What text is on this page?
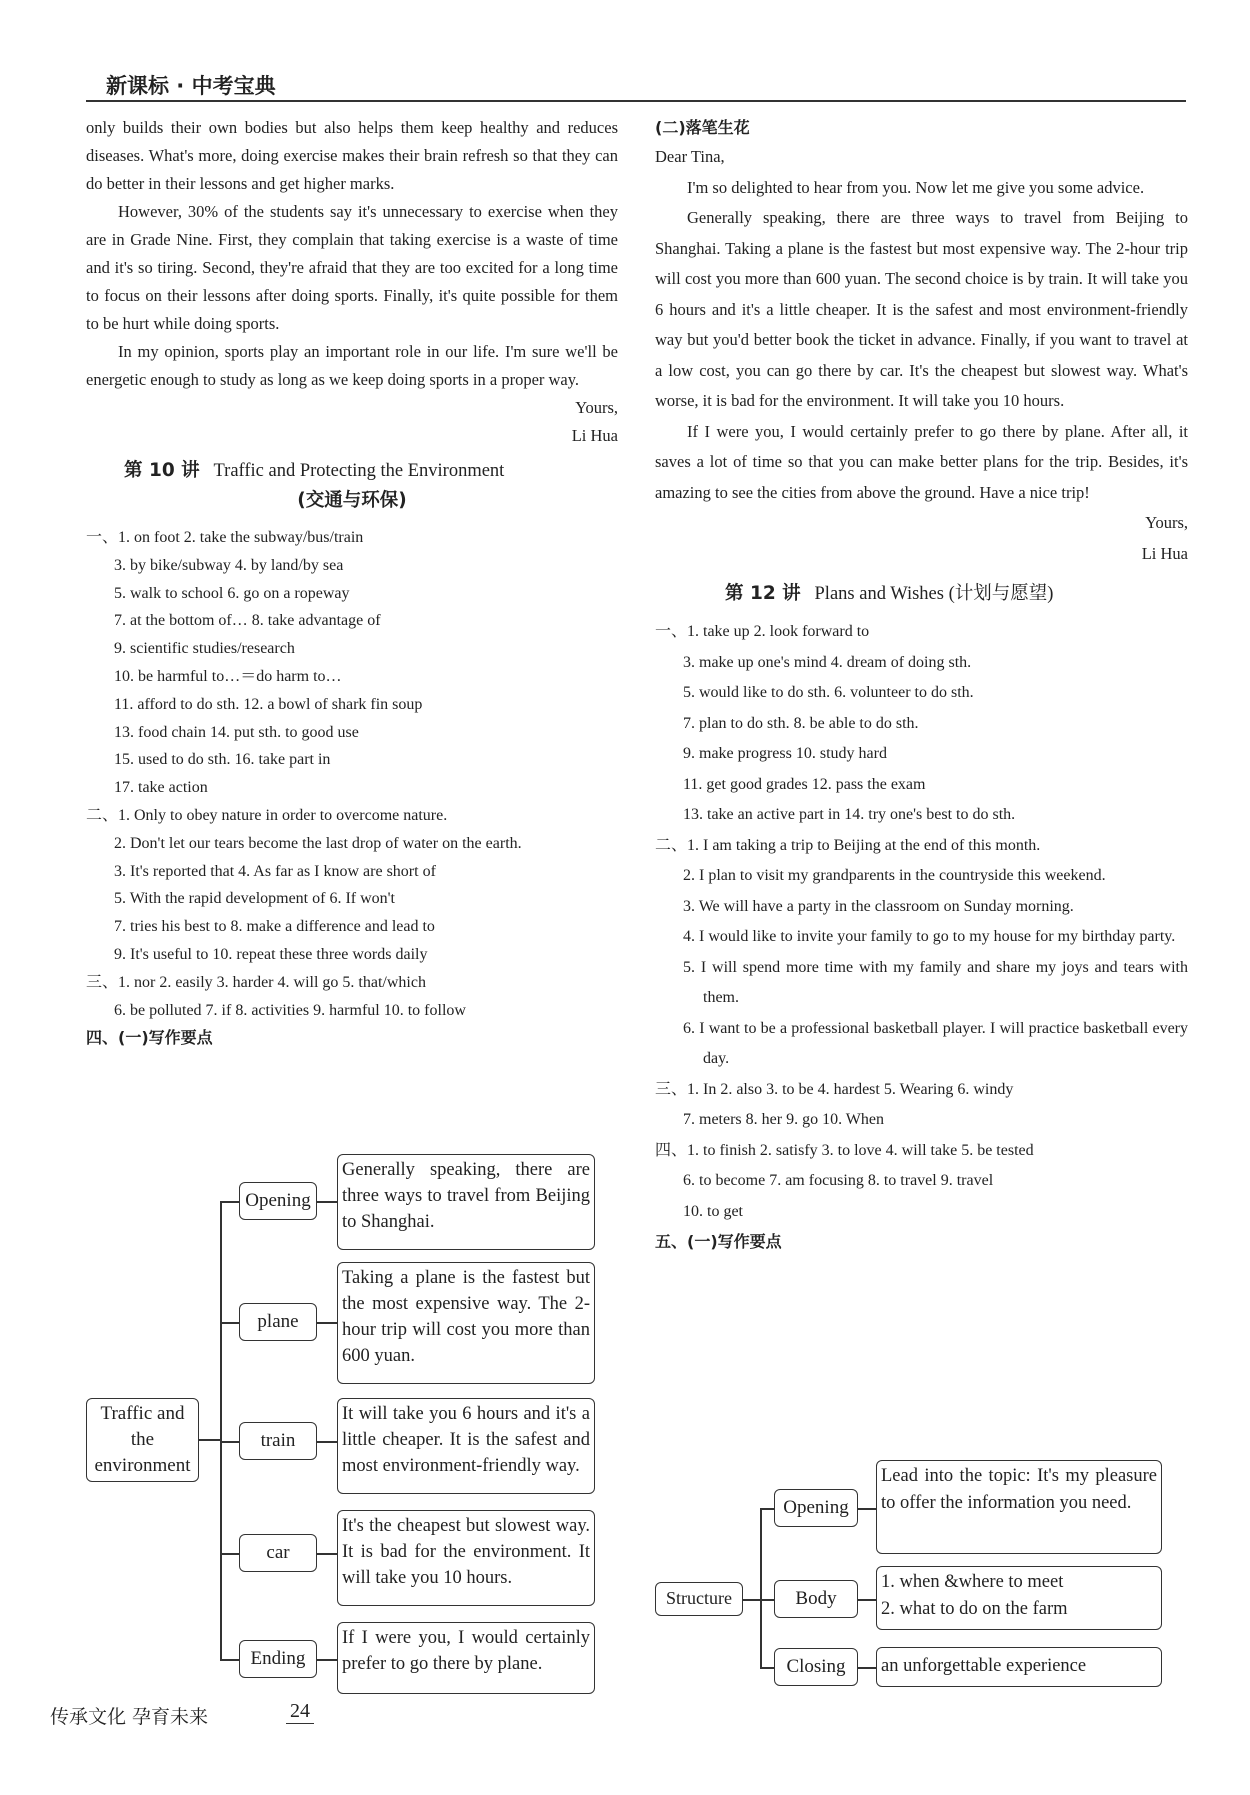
新课标 · 中考宝典

only builds their own bodies but also helps them keep healthy and reduces diseases. What's more, doing exercise makes their brain refresh so that they can do better in their lessons and get higher marks.

However, 30% of the students say it's unnecessary to exercise when they are in Grade Nine. First, they complain that taking exercise is a waste of time and it's so tiring. Second, they're afraid that they are too excited for a long time to focus on their lessons after doing sports. Finally, it's quite possible for them to be hurt while doing sports.

In my opinion, sports play an important role in our life. I'm sure we'll be energetic enough to study as long as we keep doing sports in a proper way.

Yours,

Li Hua

第 10 讲 Traffic and Protecting the Environment

(交通与环保)

一、1. on foot 2. take the subway/bus/train

3. by bike/subway 4. by land/by sea

5. walk to school 6. go on a ropeway

7. at the bottom of… 8. take advantage of

9. scientific studies/research

10. be harmful to…＝do harm to…

11. afford to do sth. 12. a bowl of shark fin soup

13. food chain 14. put sth. to good use

15. used to do sth. 16. take part in

17. take action

二、1. Only to obey nature in order to overcome nature.

2. Don't let our tears become the last drop of water on the earth.

3. It's reported that 4. As far as I know are short of

5. With the rapid development of 6. If won't

7. tries his best to 8. make a difference and lead to

9. It's useful to 10. repeat these three words daily

三、1. nor 2. easily 3. harder 4. will go 5. that/which

6. be polluted 7. if 8. activities 9. harmful 10. to follow

四、(一)写作要点

Traffic and the environment
Opening
plane
train
car
Ending
Generally speaking, there are three ways to travel from Beijing to Shanghai.
Taking a plane is the fastest but the most expensive way. The 2-hour trip will cost you more than 600 yuan.
It will take you 6 hours and it's a little cheaper. It is the safest and most environment-friendly way.
It's the cheapest but slowest way. It is bad for the environment. It will take you 10 hours.
If I were you, I would certainly prefer to go there by plane.

(二)落笔生花

Dear Tina,

I'm so delighted to hear from you. Now let me give you some advice.

Generally speaking, there are three ways to travel from Beijing to Shanghai. Taking a plane is the fastest but most expensive way. The 2-hour trip will cost you more than 600 yuan. The second choice is by train. It will take you 6 hours and it's a little cheaper. It is the safest and most environment-friendly way but you'd better book the ticket in advance. Finally, if you want to travel at a low cost, you can go there by car. It's the cheapest but slowest way. What's worse, it is bad for the environment. It will take you 10 hours.

If I were you, I would certainly prefer to go there by plane. After all, it saves a lot of time so that you can make better plans for the trip. Besides, it's amazing to see the cities from above the ground. Have a nice trip!

Yours,

Li Hua

第 12 讲 Plans and Wishes (计划与愿望)

一、1. take up 2. look forward to

3. make up one's mind 4. dream of doing sth.

5. would like to do sth. 6. volunteer to do sth.

7. plan to do sth. 8. be able to do sth.

9. make progress 10. study hard

11. get good grades 12. pass the exam

13. take an active part in 14. try one's best to do sth.

二、1. I am taking a trip to Beijing at the end of this month.

2. I plan to visit my grandparents in the countryside this weekend.

3. We will have a party in the classroom on Sunday morning.

4. I would like to invite your family to go to my house for my birthday party.

5. I will spend more time with my family and share my joys and tears with them.

6. I want to be a professional basketball player. I will practice basketball every day.

三、1. In 2. also 3. to be 4. hardest 5. Wearing 6. windy

7. meters 8. her 9. go 10. When

四、1. to finish 2. satisfy 3. to love 4. will take 5. be tested

6. to become 7. am focusing 8. to travel 9. travel

10. to get

五、(一)写作要点

Structure
Opening
Body
Closing
Lead into the topic: It's my pleasure to offer the information you need.
1. when &where to meet
2. what to do on the farm
an unforgettable experience
传承文化 孕育未来	24
